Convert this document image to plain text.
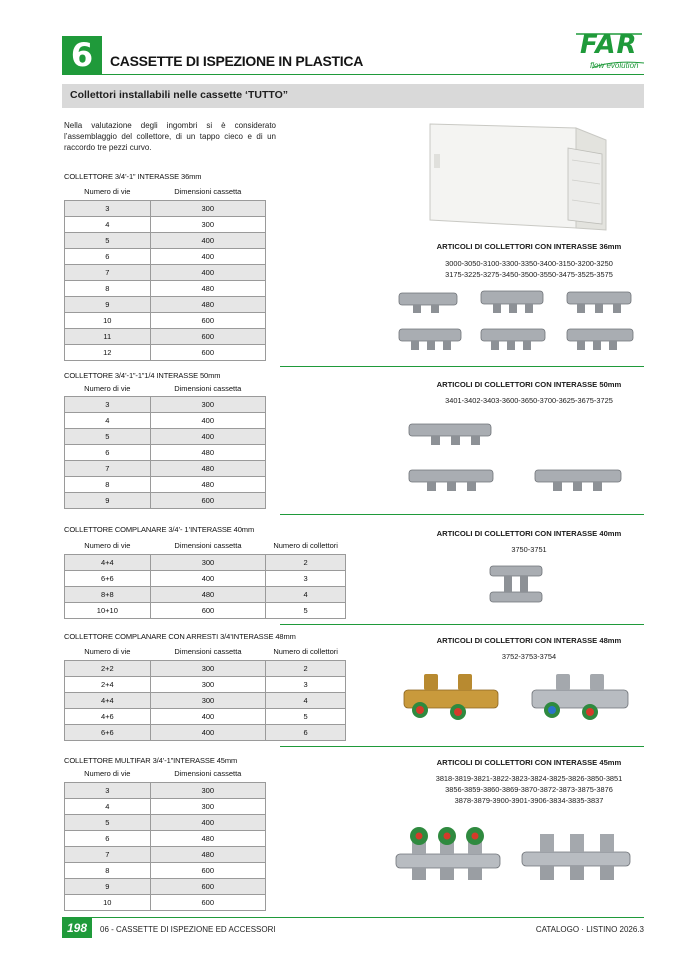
6	CASSETTE DI ISPEZIONE IN PLASTICA
FAR
flow evolution
Collettori installabili nelle cassette ‘TUTTO”
Nella valutazione degli ingombri si è considerato l’assemblaggio del collettore, di un tappo cieco e di un raccordo tre pezzi curvo.
COLLETTORE 3/4’-1” INTERASSE 36mm
Numero di vie	Dimensioni cassetta
3	300
4	300
5	400
6	400
7	400
8	480
9	480
10	600
11	600
12	600
COLLETTORE 3/4’-1”-1”1/4 INTERASSE 50mm
Numero di vie	Dimensioni cassetta
3	300
4	400
5	400
6	480
7	480
8	480
9	600
COLLETTORE COMPLANARE 3/4’- 1’INTERASSE 40mm
Numero di vie	Dimensioni cassetta	Numero di collettori
4+4	300	2
6+6	400	3
8+8	480	4
10+10	600	5
COLLETTORE COMPLANARE CON ARRESTI 3/4’INTERASSE 48mm
Numero di vie	Dimensioni cassetta	Numero di collettori
2+2	300	2
2+4	300	3
4+4	300	4
4+6	400	5
6+6	400	6
COLLETTORE MULTIFAR 3/4’-1”INTERASSE 45mm
Numero di vie	Dimensioni cassetta
3	300
4	300
5	400
6	480
7	480
8	600
9	600
10	600
ARTICOLI DI COLLETTORI CON INTERASSE 36mm
3000-3050-3100-3300-3350-3400-3150-3200-3250
3175-3225-3275-3450-3500-3550-3475-3525-3575
ARTICOLI DI COLLETTORI CON INTERASSE 50mm
3401-3402-3403-3600-3650-3700-3625-3675-3725
ARTICOLI DI COLLETTORI CON INTERASSE 40mm
3750-3751
ARTICOLI DI COLLETTORI CON INTERASSE 48mm
3752-3753-3754
ARTICOLI DI COLLETTORI CON INTERASSE 45mm
3818-3819-3821-3822-3823-3824-3825-3826-3850-3851
3856-3859-3860-3869-3870-3872-3873-3875-3876
3878-3879-3900-3901-3906-3834-3835-3837
198	06 - CASSETTE DI ISPEZIONE ED ACCESSORI	CATALOGO · LISTINO 2026.3
